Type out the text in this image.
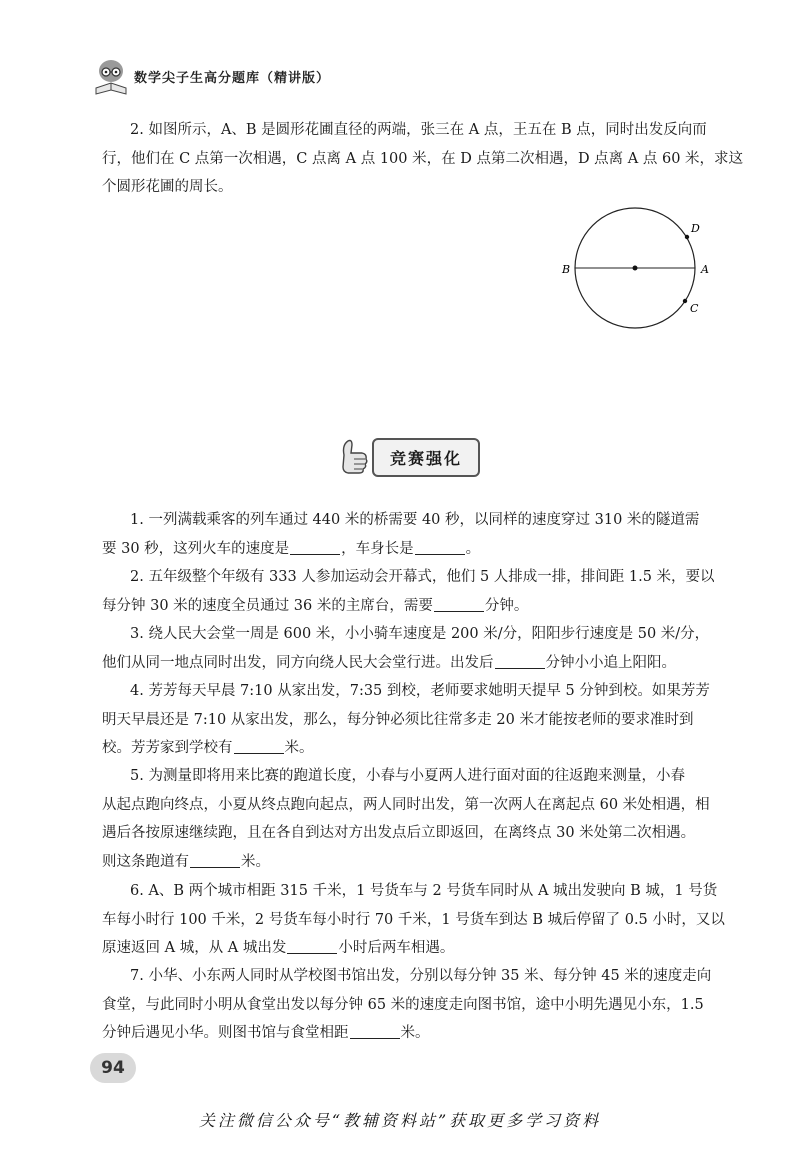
数学尖子生高分题库（精讲版）
2. 如图所示，A、B 是圆形花圃直径的两端，张三在 A 点，王五在 B 点，同时出发反向而
行，他们在 C 点第一次相遇，C 点离 A 点 100 米，在 D 点第二次相遇，D 点离 A 点 60 米，求这
个圆形花圃的周长。
B	A
D
C
竞赛强化
1. 一列满载乘客的列车通过 440 米的桥需要 40 秒，以同样的速度穿过 310 米的隧道需
要 30 秒，这列火车的速度是	，车身长是	。
2. 五年级整个年级有 333 人参加运动会开幕式，他们 5 人排成一排，排间距 1.5 米，要以
每分钟 30 米的速度全员通过 36 米的主席台，需要	分钟。
3. 绕人民大会堂一周是 600 米，小小骑车速度是 200 米/分，阳阳步行速度是 50 米/分，
他们从同一地点同时出发，同方向绕人民大会堂行进。出发后	分钟小小追上阳阳。
4. 芳芳每天早晨 7:10 从家出发，7:35 到校，老师要求她明天提早 5 分钟到校。如果芳芳
明天早晨还是 7:10 从家出发，那么，每分钟必须比往常多走 20 米才能按老师的要求准时到
校。芳芳家到学校有	米。
5. 为测量即将用来比赛的跑道长度，小春与小夏两人进行面对面的往返跑来测量，小春
从起点跑向终点，小夏从终点跑向起点，两人同时出发，第一次两人在离起点 60 米处相遇，相
遇后各按原速继续跑，且在各自到达对方出发点后立即返回，在离终点 30 米处第二次相遇。
则这条跑道有	米。
6. A、B 两个城市相距 315 千米，1 号货车与 2 号货车同时从 A 城出发驶向 B 城，1 号货
车每小时行 100 千米，2 号货车每小时行 70 千米，1 号货车到达 B 城后停留了 0.5 小时，又以
原速返回 A 城，从 A 城出发	小时后两车相遇。
7. 小华、小东两人同时从学校图书馆出发，分别以每分钟 35 米、每分钟 45 米的速度走向
食堂，与此同时小明从食堂出发以每分钟 65 米的速度走向图书馆，途中小明先遇见小东，1.5
分钟后遇见小华。则图书馆与食堂相距	米。
94
关注微信公众号“教辅资料站”获取更多学习资料
